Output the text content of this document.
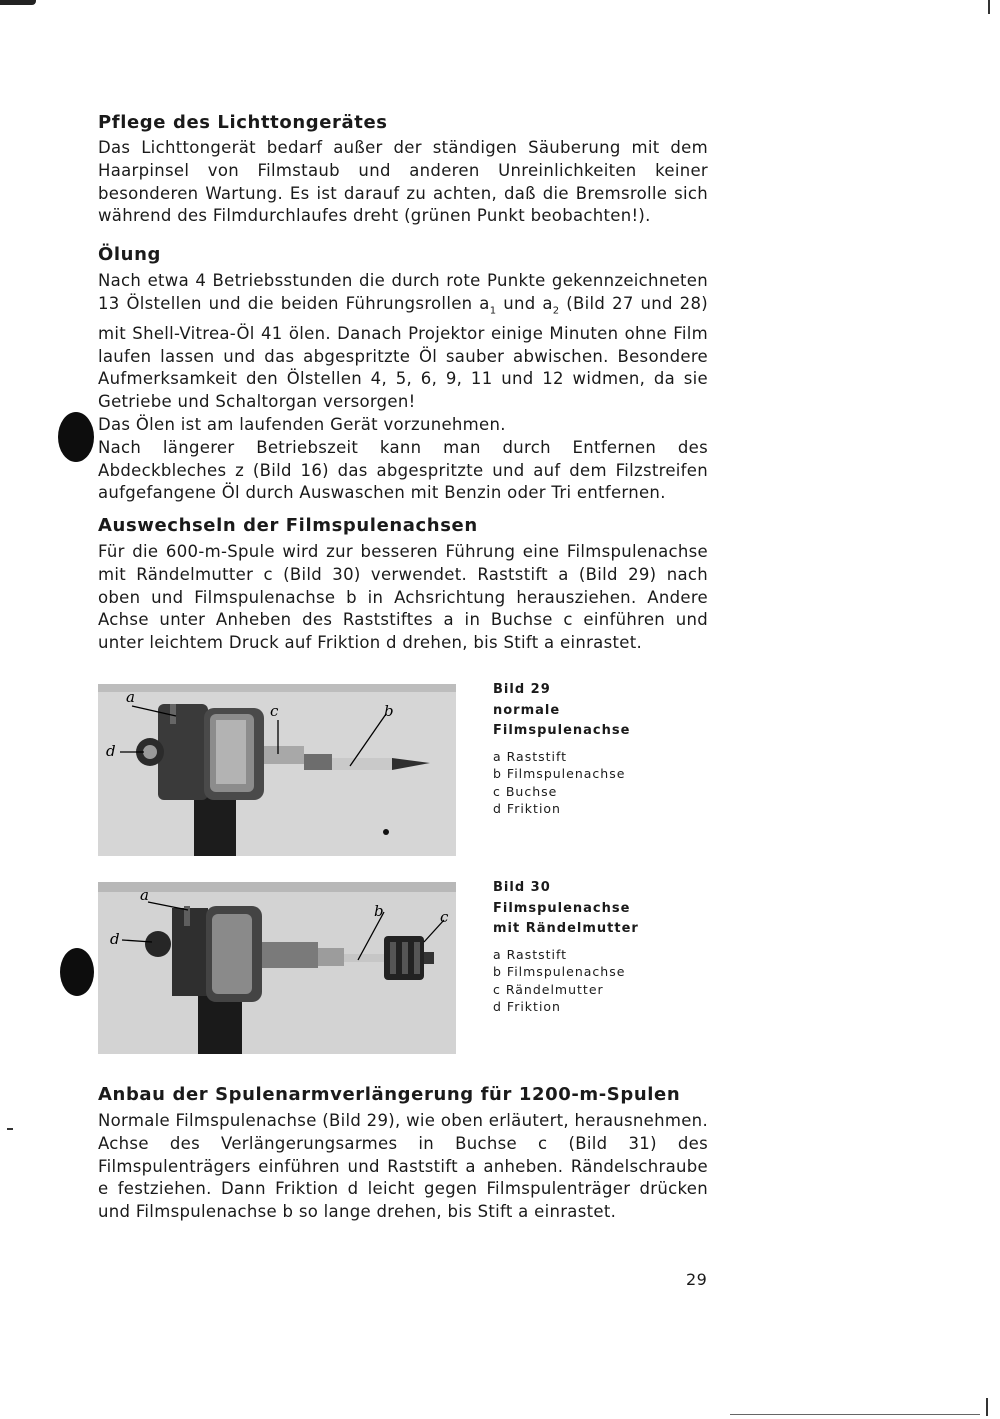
Pflege des Lichttongerätes

Das Lichttongerät bedarf außer der ständigen Säuberung mit dem Haarpinsel von Filmstaub und anderen Unreinlichkeiten keiner besonderen Wartung. Es ist darauf zu achten, daß die Bremsrolle sich während des Filmdurchlaufes dreht (grünen Punkt beobachten!).

Ölung

Nach etwa 4 Betriebsstunden die durch rote Punkte gekennzeichneten 13 Ölstellen und die beiden Führungsrollen $a_1$ und $a_2$ (Bild 27 und 28) mit Shell-Vitrea-Öl 41 ölen. Danach Projektor einige Minuten ohne Film laufen lassen und das abgespritzte Öl sauber abwischen. Besondere Aufmerksamkeit den Ölstellen 4, 5, 6, 9, 11 und 12 widmen, da sie Getriebe und Schaltorgan versorgen!

Das Ölen ist am laufenden Gerät vorzunehmen.

Nach längerer Betriebszeit kann man durch Entfernen des Abdeckbleches z (Bild 16) das abgespritzte und auf dem Filzstreifen aufgefangene Öl durch Auswaschen mit Benzin oder Tri entfernen.

Auswechseln der Filmspulenachsen

Für die 600-m-Spule wird zur besseren Führung eine Filmspulenachse mit Rändelmutter c (Bild 30) verwendet. Raststift a (Bild 29) nach oben und Filmspulenachse b in Achsrichtung herausziehen. Andere Achse unter Anheben des Raststiftes a in Buchse c einführen und unter leichtem Druck auf Friktion d drehen, bis Stift a einrastet.

a
d
c	b
Bild 29
normale
Filmspulenachse
a Raststift
b Filmspulenachse
c Buchse
d Friktion
a
d
b	c
Bild 30
Filmspulenachse
mit Rändelmutter
a Raststift
b Filmspulenachse
c Rändelmutter
d Friktion
Anbau der Spulenarmverlängerung für 1200-m-Spulen

Normale Filmspulenachse (Bild 29), wie oben erläutert, herausnehmen. Achse des Verlängerungsarmes in Buchse c (Bild 31) des Filmspulenträgers einführen und Raststift a anheben. Rändelschraube e festziehen. Dann Friktion d leicht gegen Filmspulenträger drücken und Filmspulenachse b so lange drehen, bis Stift a einrastet.

29
